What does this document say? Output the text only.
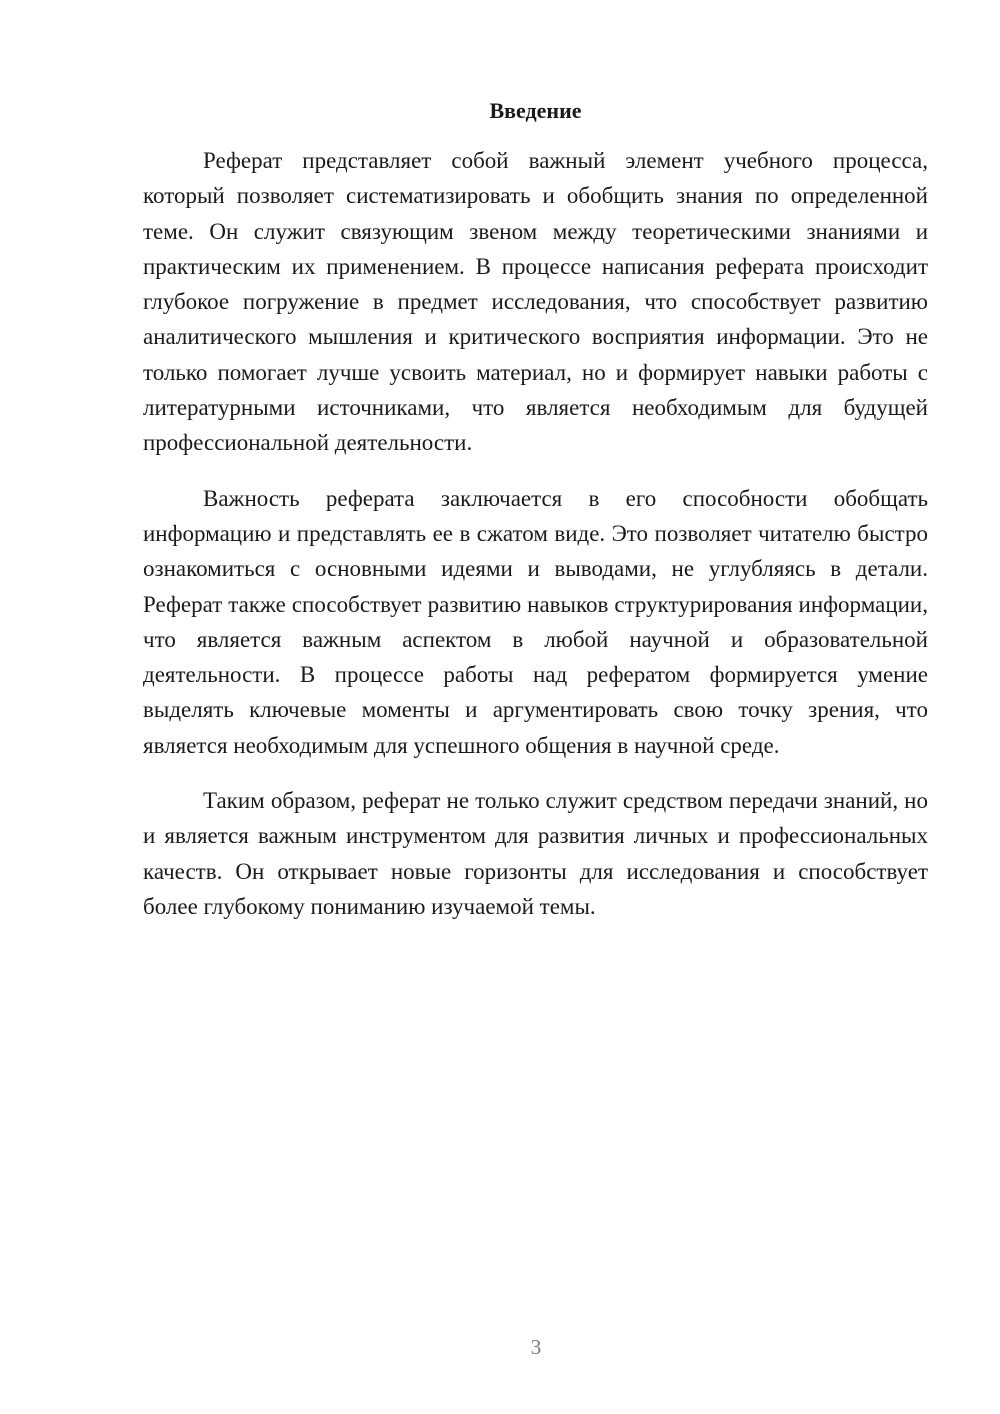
Введение

Реферат представляет собой важный элемент учебного процесса, который позволяет систематизировать и обобщить знания по определенной теме. Он служит связующим звеном между теоретическими знаниями и практическим их применением. В процессе написания реферата происходит глубокое погружение в предмет исследования, что способствует развитию аналитического мышления и критического восприятия информации. Это не только помогает лучше усвоить материал, но и формирует навыки работы с литературными источниками, что является необходимым для будущей профессиональной деятельности.

Важность реферата заключается в его способности обобщать информацию и представлять ее в сжатом виде. Это позволяет читателю быстро ознакомиться с основными идеями и выводами, не углубляясь в детали. Реферат также способствует развитию навыков структурирования информации, что является важным аспектом в любой научной и образовательной деятельности. В процессе работы над рефератом формируется умение выделять ключевые моменты и аргументировать свою точку зрения, что является необходимым для успешного общения в научной среде.

Таким образом, реферат не только служит средством передачи знаний, но и является важным инструментом для развития личных и профессиональных качеств. Он открывает новые горизонты для исследования и способствует более глубокому пониманию изучаемой темы.

3
